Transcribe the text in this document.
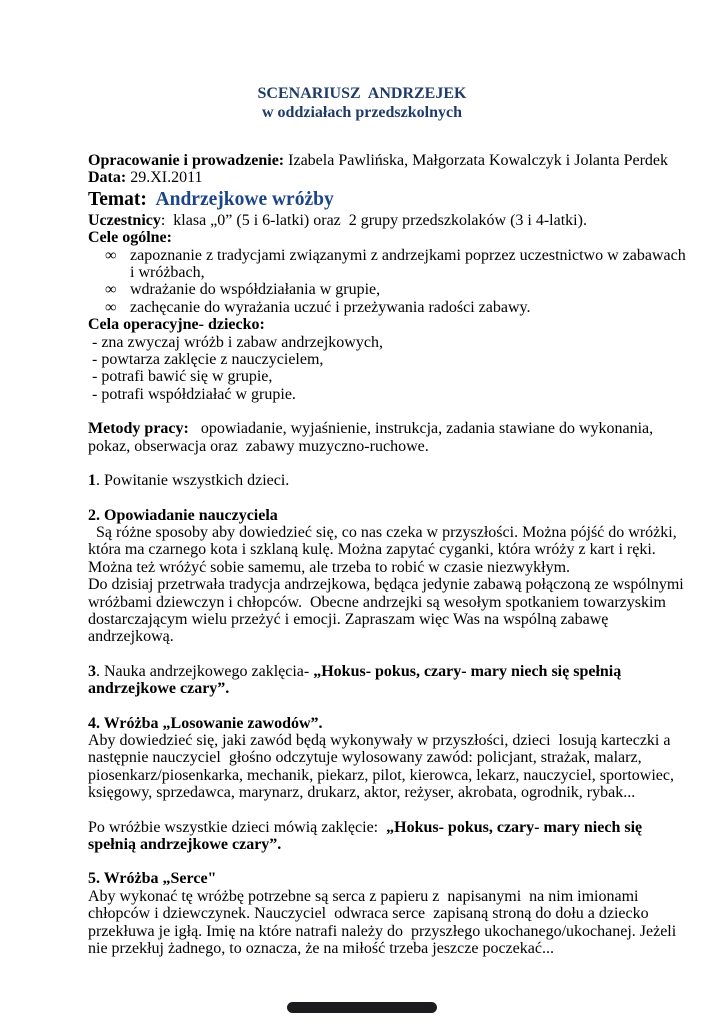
SCENARIUSZ  ANDRZEJEK
w oddziałach przedszkolnych
Opracowanie i prowadzenie: Izabela Pawlińska, Małgorzata Kowalczyk i Jolanta Perdek
Data: 29.XI.2011
Temat:  Andrzejkowe wróżby
Uczestnicy:  klasa „0” (5 i 6-latki) oraz  2 grupy przedszkolaków (3 i 4-latki).
Cele ogólne:
∞ zapoznanie z tradycjami związanymi z andrzejkami poprzez uczestnictwo w zabawach
i wróżbach,
∞ wdrażanie do współdziałania w grupie,
∞ zachęcanie do wyrażania uczuć i przeżywania radości zabawy.
Cela operacyjne- dziecko:
- zna zwyczaj wróżb i zabaw andrzejkowych,
- powtarza zaklęcie z nauczycielem,
- potrafi bawić się w grupie,
- potrafi współdziałać w grupie.
Metody pracy:   opowiadanie, wyjaśnienie, instrukcja, zadania stawiane do wykonania,
pokaz, obserwacja oraz  zabawy muzyczno-ruchowe.
1. Powitanie wszystkich dzieci.
2. Opowiadanie nauczyciela
Są różne sposoby aby dowiedzieć się, co nas czeka w przyszłości. Można pójść do wróżki,
która ma czarnego kota i szklaną kulę. Można zapytać cyganki, która wróży z kart i ręki.
Można też wróżyć sobie samemu, ale trzeba to robić w czasie niezwykłym.
Do dzisiaj przetrwała tradycja andrzejkowa, będąca jedynie zabawą połączoną ze wspólnymi
wróżbami dziewczyn i chłopców.  Obecne andrzejki są wesołym spotkaniem towarzyskim
dostarczającym wielu przeżyć i emocji. Zapraszam więc Was na wspólną zabawę
andrzejkową.
3. Nauka andrzejkowego zaklęcia- „Hokus- pokus, czary- mary niech się spełnią
andrzejkowe czary”.
4. Wróżba „Losowanie zawodów”.
Aby dowiedzieć się, jaki zawód będą wykonywały w przyszłości, dzieci  losują karteczki a
następnie nauczyciel  głośno odczytuje wylosowany zawód: policjant, strażak, malarz,
piosenkarz/piosenkarka, mechanik, piekarz, pilot, kierowca, lekarz, nauczyciel, sportowiec,
księgowy, sprzedawca, marynarz, drukarz, aktor, reżyser, akrobata, ogrodnik, rybak...
Po wróżbie wszystkie dzieci mówią zaklęcie:  „Hokus- pokus, czary- mary niech się
spełnią andrzejkowe czary”.
5. Wróżba „Serce"
Aby wykonać tę wróżbę potrzebne są serca z papieru z  napisanymi  na nim imionami
chłopców i dziewczynek. Nauczyciel  odwraca serce  zapisaną stroną do dołu a dziecko
przekłuwa je igłą. Imię na które natrafi należy do  przyszłego ukochanego/ukochanej. Jeżeli
nie przekłuj żadnego, to oznacza, że na miłość trzeba jeszcze poczekać...
